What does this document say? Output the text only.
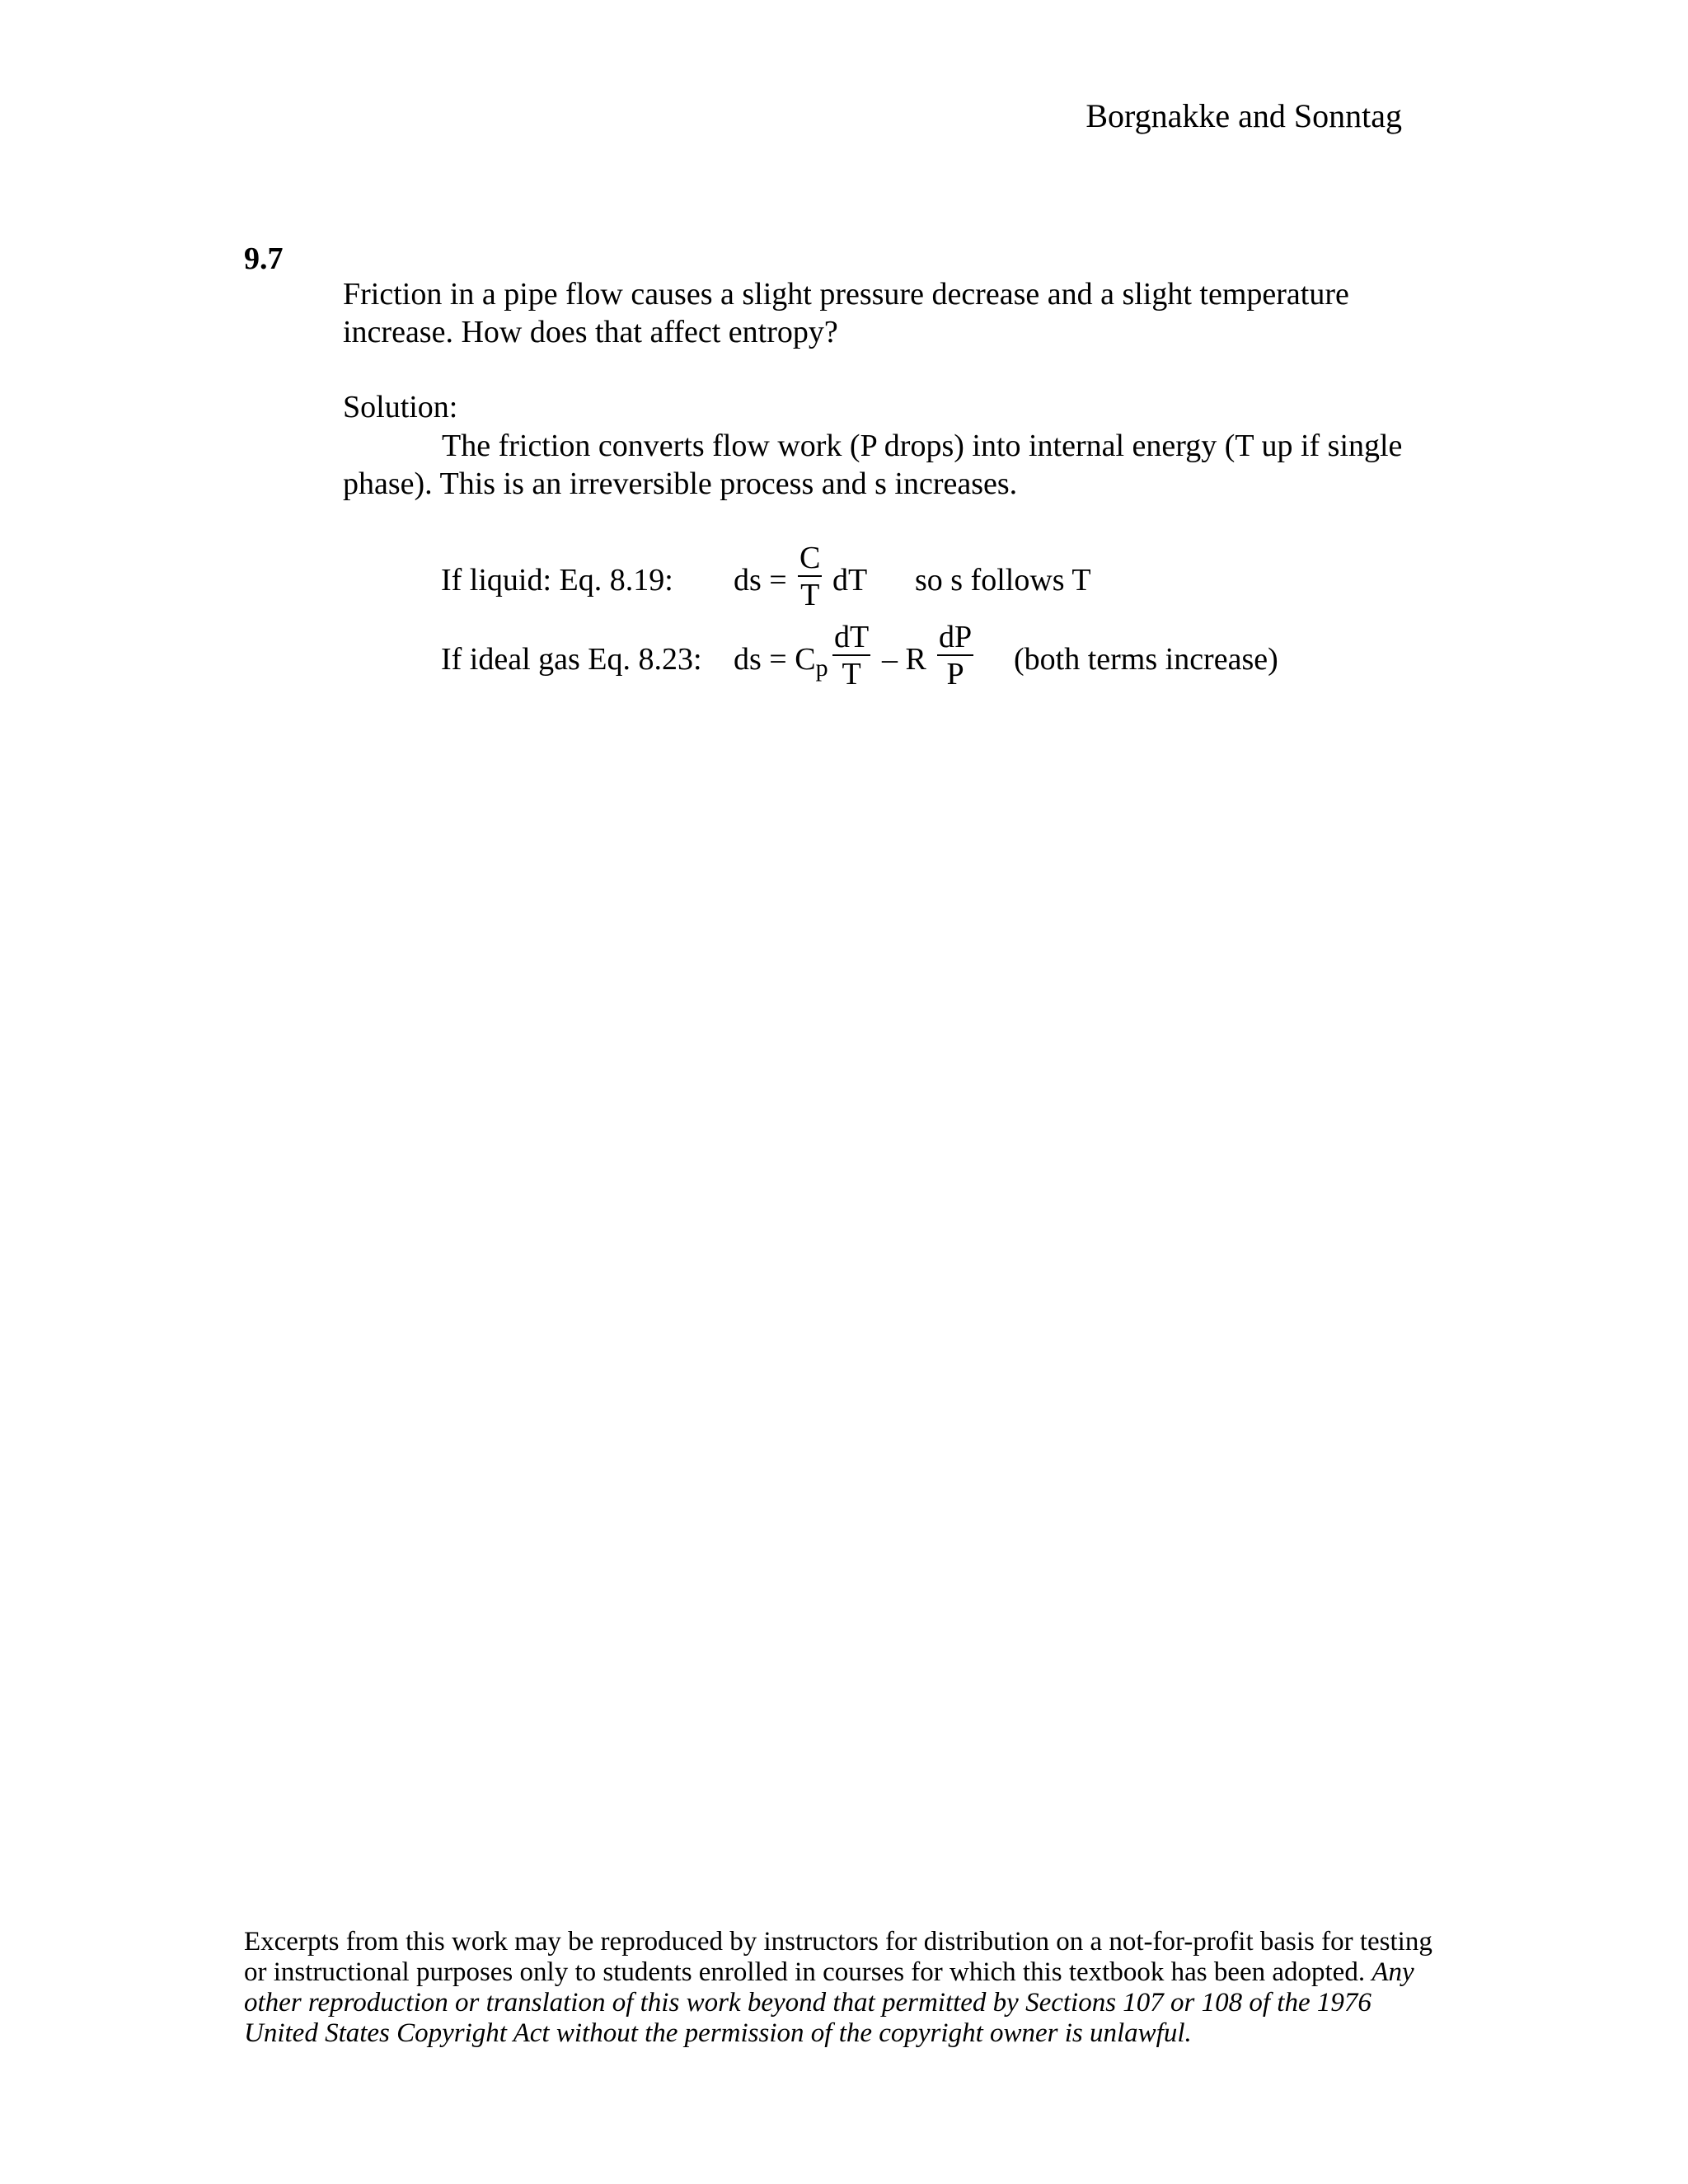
Borgnakke and Sonntag
9.7
Friction in a pipe flow causes a slight pressure decrease and a slight temperature increase. How does that affect entropy?
Solution:
The friction converts flow work (P drops) into internal energy (T up if single phase). This is an irreversible process and s increases.
If liquid: Eq. 8.19: ds =
C
T dT so s follows T
If ideal gas Eq. 8.23: ds = $C_p$
dT
T – R
dP
P (both terms increase)
Excerpts from this work may be reproduced by instructors for distribution on a not-for-profit basis for testing or instructional purposes only to students enrolled in courses for which this textbook has been adopted. Any other reproduction or translation of this work beyond that permitted by Sections 107 or 108 of the 1976 United States Copyright Act without the permission of the copyright owner is unlawful.
